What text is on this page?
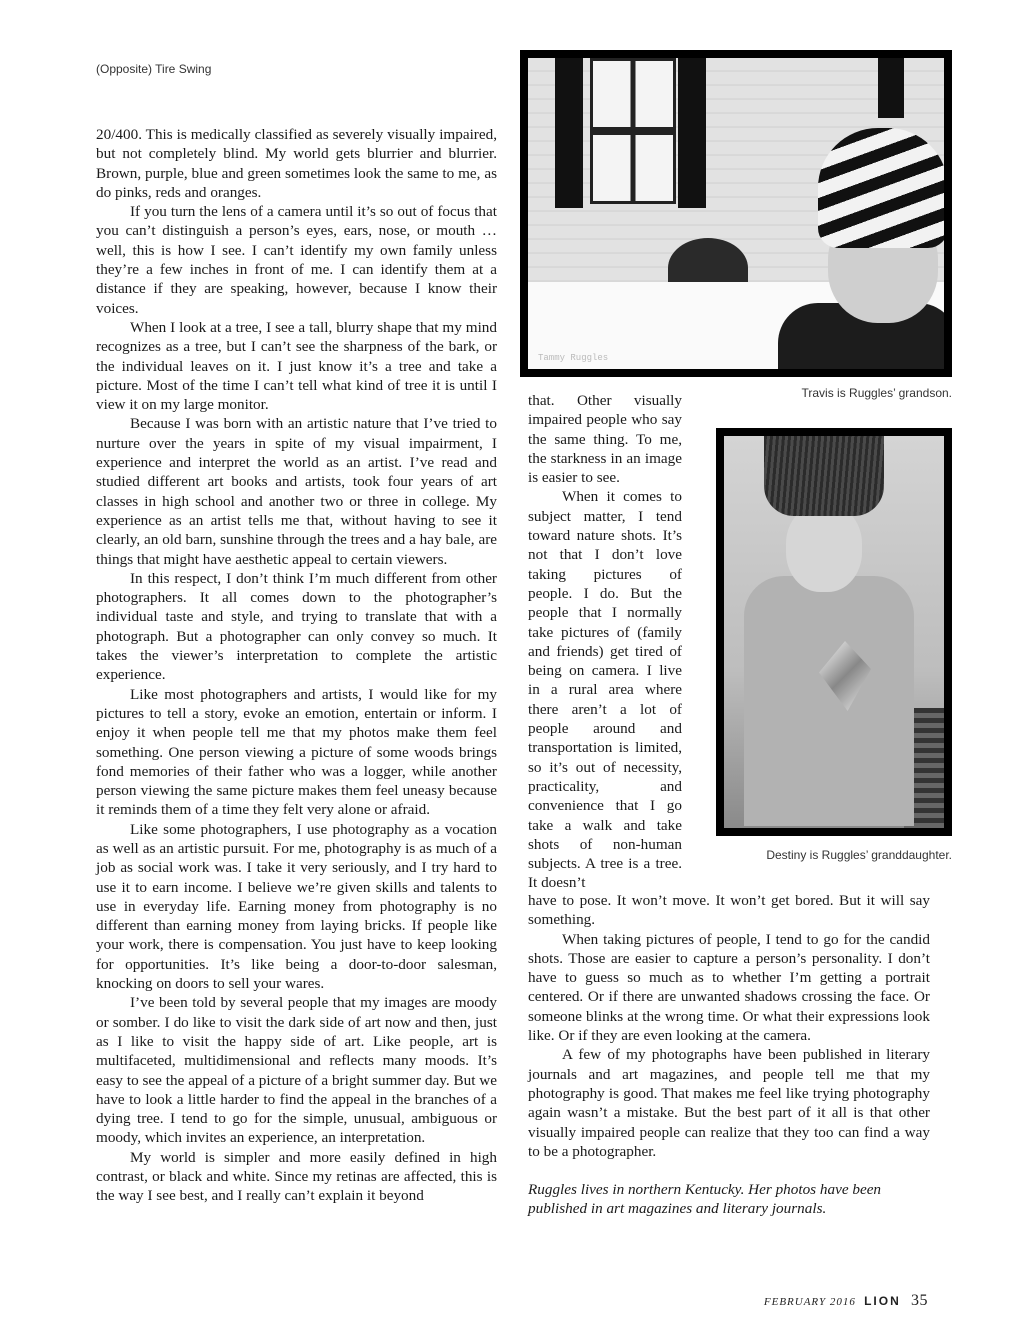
(Opposite) Tire Swing

20/400. This is medically classified as severely visually impaired, but not completely blind. My world gets blurrier and blurrier. Brown, purple, blue and green sometimes look the same to me, as do pinks, reds and oranges.

If you turn the lens of a camera until it’s so out of focus that you can’t distinguish a person’s eyes, ears, nose, or mouth … well, this is how I see. I can’t identify my own family unless they’re a few inches in front of me. I can identify them at a distance if they are speaking, however, because I know their voices.

When I look at a tree, I see a tall, blurry shape that my mind recognizes as a tree, but I can’t see the sharpness of the bark, or the individual leaves on it. I just know it’s a tree and take a picture. Most of the time I can’t tell what kind of tree it is until I view it on my large monitor.

Because I was born with an artistic nature that I’ve tried to nurture over the years in spite of my visual impairment, I experience and interpret the world as an artist. I’ve read and studied different art books and artists, took four years of art classes in high school and another two or three in college. My experience as an artist tells me that, without having to see it clearly, an old barn, sunshine through the trees and a hay bale, are things that might have aesthetic appeal to certain viewers.

In this respect, I don’t think I’m much different from other photographers. It all comes down to the photographer’s individual taste and style, and trying to translate that with a photograph. But a photographer can only convey so much. It takes the viewer’s interpretation to complete the artistic experience.

Like most photographers and artists, I would like for my pictures to tell a story, evoke an emotion, entertain or inform. I enjoy it when people tell me that my photos make them feel something. One person viewing a picture of some woods brings fond memories of their father who was a logger, while another person viewing the same picture makes them feel uneasy because it reminds them of a time they felt very alone or afraid.

Like some photographers, I use photography as a vocation as well as an artistic pursuit. For me, photography is as much of a job as social work was. I take it very seriously, and I try hard to use it to earn income. I believe we’re given skills and talents to use in everyday life. Earning money from photography is no different than earning money from laying bricks. If people like your work, there is compensation. You just have to keep looking for opportunities. It’s like being a door-to-door salesman, knocking on doors to sell your wares.

I’ve been told by several people that my images are moody or somber. I do like to visit the dark side of art now and then, just as I like to visit the happy side of art. Like people, art is multifaceted, multidimensional and reflects many moods. It’s easy to see the appeal of a picture of a bright summer day. But we have to look a little harder to find the appeal in the branches of a dying tree. I tend to go for the simple, unusual, ambiguous or moody, which invites an experience, an interpretation.

My world is simpler and more easily defined in high contrast, or black and white. Since my retinas are affected, this is the way I see best, and I really can’t explain it beyond

Tammy Ruggles
Travis is Ruggles’ grandson.

that. Other visually impaired people who say the same thing. To me, the starkness in an image is easier to see.

When it comes to subject matter, I tend toward nature shots. It’s not that I don’t love taking pictures of people. I do. But the people that I normally take pictures of (family and friends) get tired of being on camera. I live in a rural area where there aren’t a lot of people around and transportation is limited, so it’s out of necessity, practicality, and convenience that I go take a walk and take shots of non-human subjects. A tree is a tree. It doesn’t

Destiny is Ruggles’ granddaughter.

have to pose. It won’t move. It won’t get bored. But it will say something.

When taking pictures of people, I tend to go for the candid shots. Those are easier to capture a person’s personality. I don’t have to guess so much as to whether I’m getting a portrait centered. Or if there are unwanted shadows crossing the face. Or someone blinks at the wrong time. Or what their expressions look like. Or if they are even looking at the camera.

A few of my photographs have been published in literary journals and art magazines, and people tell me that my photography is good. That makes me feel like trying photography again wasn’t a mistake. But the best part of it all is that other visually impaired people can realize that they too can find a way to be a photographer.

Ruggles lives in northern Kentucky. Her photos have been published in art magazines and literary journals.

FEBRUARY 2016 LION 35
